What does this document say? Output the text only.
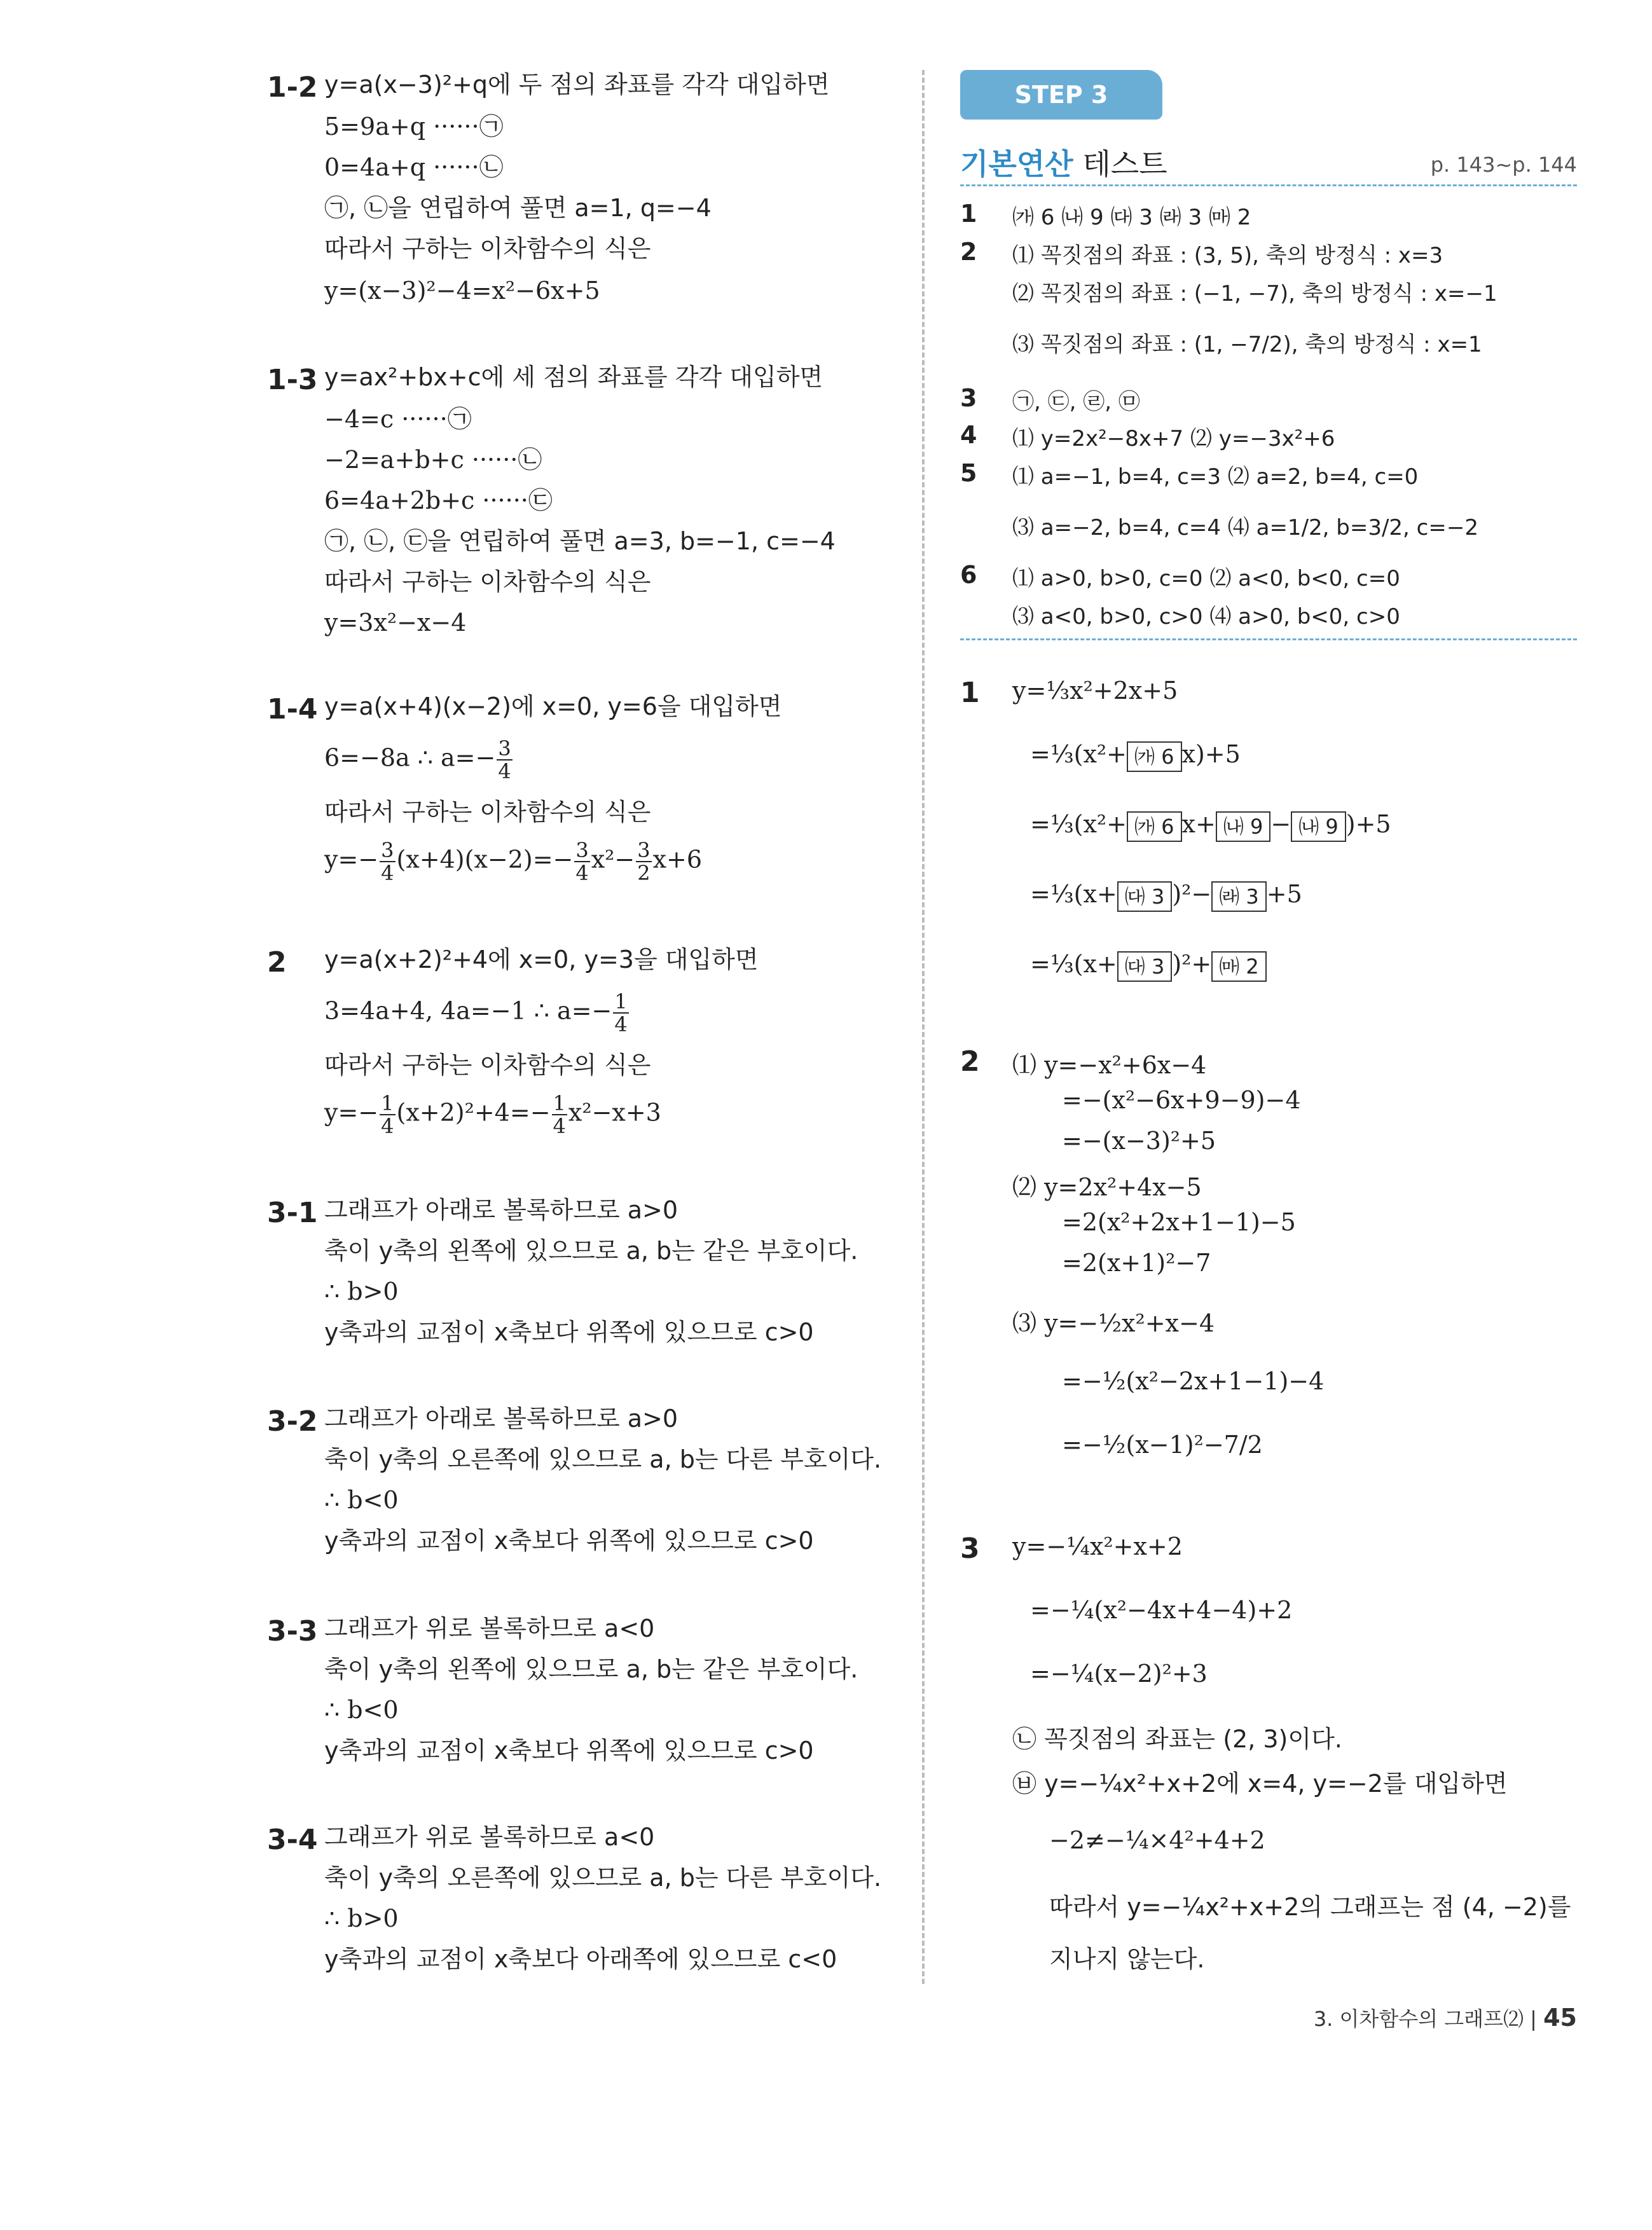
1-2 y=a(x−3)²+q에 두 점의 좌표를 각각 대입하면
5=9a+q ······㉠
0=4a+q ······㉡
㉠, ㉡을 연립하여 풀면 a=1, q=−4
따라서 구하는 이차함수의 식은
y=(x−3)²−4=x²−6x+5
1-3 y=ax²+bx+c에 세 점의 좌표를 각각 대입하면
−4=c ······㉠
−2=a+b+c ······㉡
6=4a+2b+c ······㉢
㉠, ㉡, ㉢을 연립하여 풀면 a=3, b=−1, c=−4
따라서 구하는 이차함수의 식은
y=3x²−x−4
1-4 y=a(x+4)(x−2)에 x=0, y=6을 대입하면
6=−8a ∴ $a=- \frac{3}{4}$
따라서 구하는 이차함수의 식은
$y=- \frac{3}{4} (x+4)(x-2)=- \frac{3}{4} x^2- \frac{3}{2} x+6$
2 y=a(x+2)²+4에 x=0, y=3을 대입하면
3=4a+4, 4a=−1 ∴ $a=- \frac{1}{4}$
따라서 구하는 이차함수의 식은
$y=- \frac{1}{4} (x+2)^2+4=- \frac{1}{4} x^2-x+3$
3-1 그래프가 아래로 볼록하므로 a>0
축이 y축의 왼쪽에 있으므로 a, b는 같은 부호이다.
∴ b>0
y축과의 교점이 x축보다 위쪽에 있으므로 c>0
3-2 그래프가 아래로 볼록하므로 a>0
축이 y축의 오른쪽에 있으므로 a, b는 다른 부호이다.
∴ b<0
y축과의 교점이 x축보다 위쪽에 있으므로 c>0
3-3 그래프가 위로 볼록하므로 a<0
축이 y축의 왼쪽에 있으므로 a, b는 같은 부호이다.
∴ b<0
y축과의 교점이 x축보다 위쪽에 있으므로 c>0
3-4 그래프가 위로 볼록하므로 a<0
축이 y축의 오른쪽에 있으므로 a, b는 다른 부호이다.
∴ b>0
y축과의 교점이 x축보다 아래쪽에 있으므로 c<0
STEP 3
기본연산 테스트	p. 143~p. 144
1 ㈎ 6 ㈏ 9 ㈐ 3 ㈑ 3 ㈒ 2
2 ⑴ 꼭짓점의 좌표 : (3, 5), 축의 방정식 : x=3
⑵ 꼭짓점의 좌표 : (−1, −7), 축의 방정식 : x=−1
⑶ 꼭짓점의 좌표 : (1, −7/2), 축의 방정식 : x=1
3 ㉠, ㉢, ㉣, ㉤
4 ⑴ y=2x²−8x+7 ⑵ y=−3x²+6
5 ⑴ a=−1, b=4, c=3 ⑵ a=2, b=4, c=0
⑶ a=−2, b=4, c=4 ⑷ a=1/2, b=3/2, c=−2
6 ⑴ a>0, b>0, c=0 ⑵ a<0, b<0, c=0
⑶ a<0, b>0, c>0 ⑷ a>0, b<0, c>0
1 y=⅓x²+2x+5
=⅓(x²+ ㈎ 6 x)+5
=⅓(x²+ ㈎ 6 x+ ㈏ 9 − ㈏ 9 )+5
=⅓(x+ ㈐ 3 )²− ㈑ 3 +5
=⅓(x+ ㈐ 3 )²+ ㈒ 2
2 ⑴ y=−x²+6x−4
=−(x²−6x+9−9)−4
=−(x−3)²+5
⑵ y=2x²+4x−5
=2(x²+2x+1−1)−5
=2(x+1)²−7
⑶ y=−½x²+x−4
=−½(x²−2x+1−1)−4
=−½(x−1)²−7/2
3 y=−¼x²+x+2
=−¼(x²−4x+4−4)+2
=−¼(x−2)²+3
㉡ 꼭짓점의 좌표는 (2, 3)이다.
㉥ y=−¼x²+x+2에 x=4, y=−2를 대입하면
−2≠−¼×4²+4+2
따라서 y=−¼x²+x+2의 그래프는 점 (4, −2)를
지나지 않는다.
3. 이차함수의 그래프⑵ | 45
